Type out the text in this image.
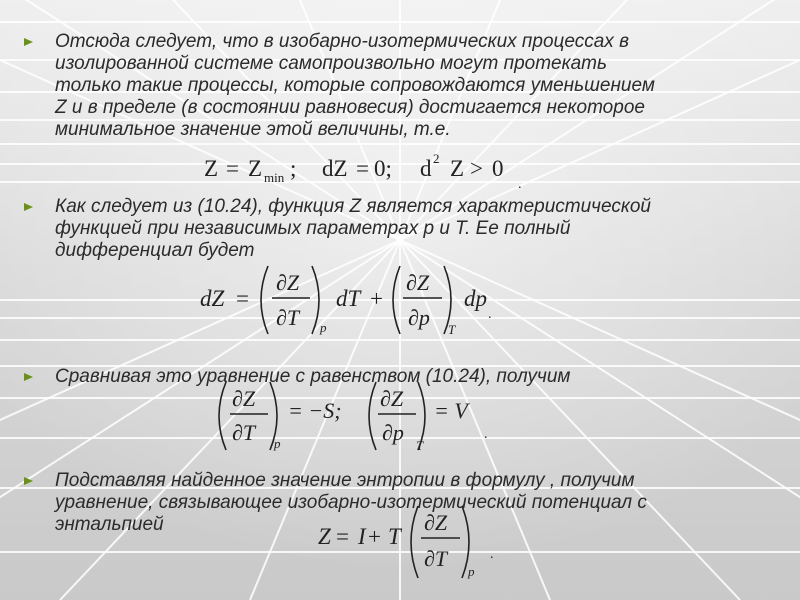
Отсюда следует, что в изобарно-изотермических процессах в
изолированной системе самопроизвольно могут протекать
только такие процессы, которые сопровождаются уменьшением
Z и в пределе (в состоянии равновесия) достигается некоторое
минимальное значение этой величины, т.е.
Z = Z min ; dZ = 0; d 2 Z > 0
.
Как следует из (10.24), функция Z является характеристической
функцией при независимых параметрах p и T. Ее полный
дифференциал будет
dZ =
∂Z
∂T p
dT +
∂Z
∂p T
dp
.
Сравнивая это уравнение с равенством (10.24), получим
∂Z
∂T p
= −S; ∂Z
∂p
T
= V
.
Подставляя найденное значение энтропии в формулу , получим
уравнение, связывающее изобарно-изотермический потенциал с
энтальпией	Z = I + T
∂Z
∂T
p
.
